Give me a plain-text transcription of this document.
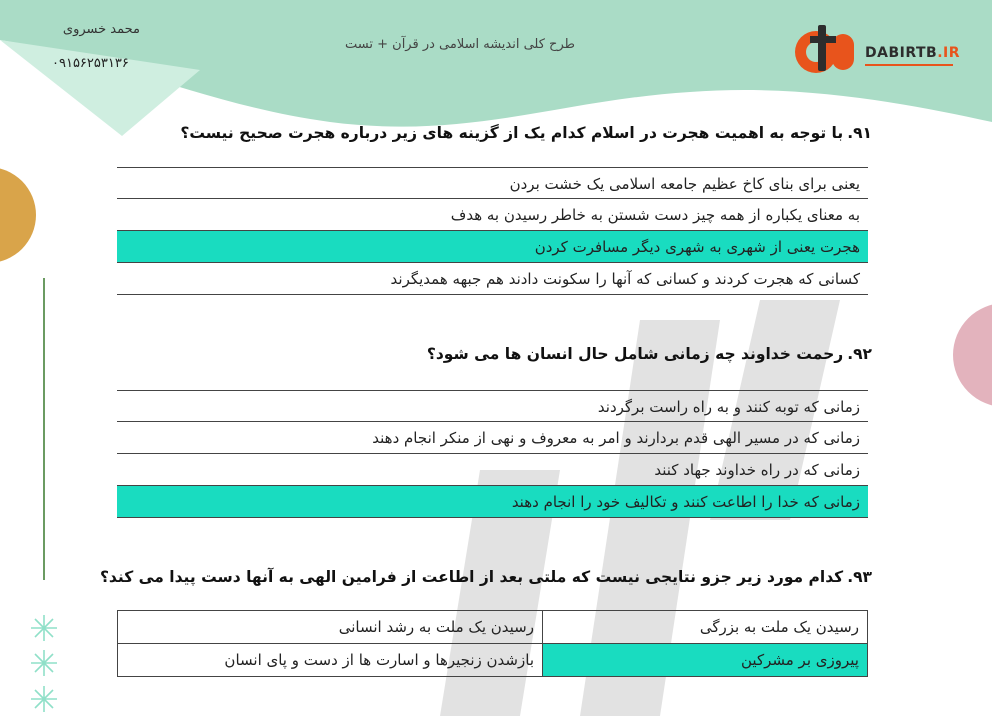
محمد خسروی
۰۹۱۵۶۲۵۳۱۳۶
طرح کلی اندیشه اسلامی در قرآن + تست
DABIRTB.IR
۹۱.با توجه به اهمیت هجرت در اسلام کدام یک از گزینه های زیر درباره هجرت صحیح نیست؟
یعنی برای بنای کاخ عظیم جامعه اسلامی یک خشت بردن
به معنای یکباره از همه چیز دست شستن به خاطر رسیدن به هدف
هجرت یعنی از شهری به شهری دیگر مسافرت کردن
کسانی که هجرت کردند و کسانی که آنها را سکونت دادند هم جبهه همدیگرند
۹۲.رحمت خداوند چه زمانی شامل حال انسان ها می شود؟
زمانی که توبه کنند و به راه راست برگردند
زمانی که در مسیر الهی قدم بردارند و امر به معروف و نهی از منکر انجام دهند
زمانی که در راه خداوند جهاد کنند
زمانی که خدا را اطاعت کنند و تکالیف خود را انجام دهند
۹۳.کدام مورد زیر جزو نتایجی نیست که ملتی بعد از اطاعت از فرامین الهی به آنها دست پیدا می کند؟
رسیدن یک ملت به بزرگی	رسیدن یک ملت به رشد انسانی
پیروزی بر مشرکین	بازشدن زنجیرها و اسارت ها از دست و پای انسان
